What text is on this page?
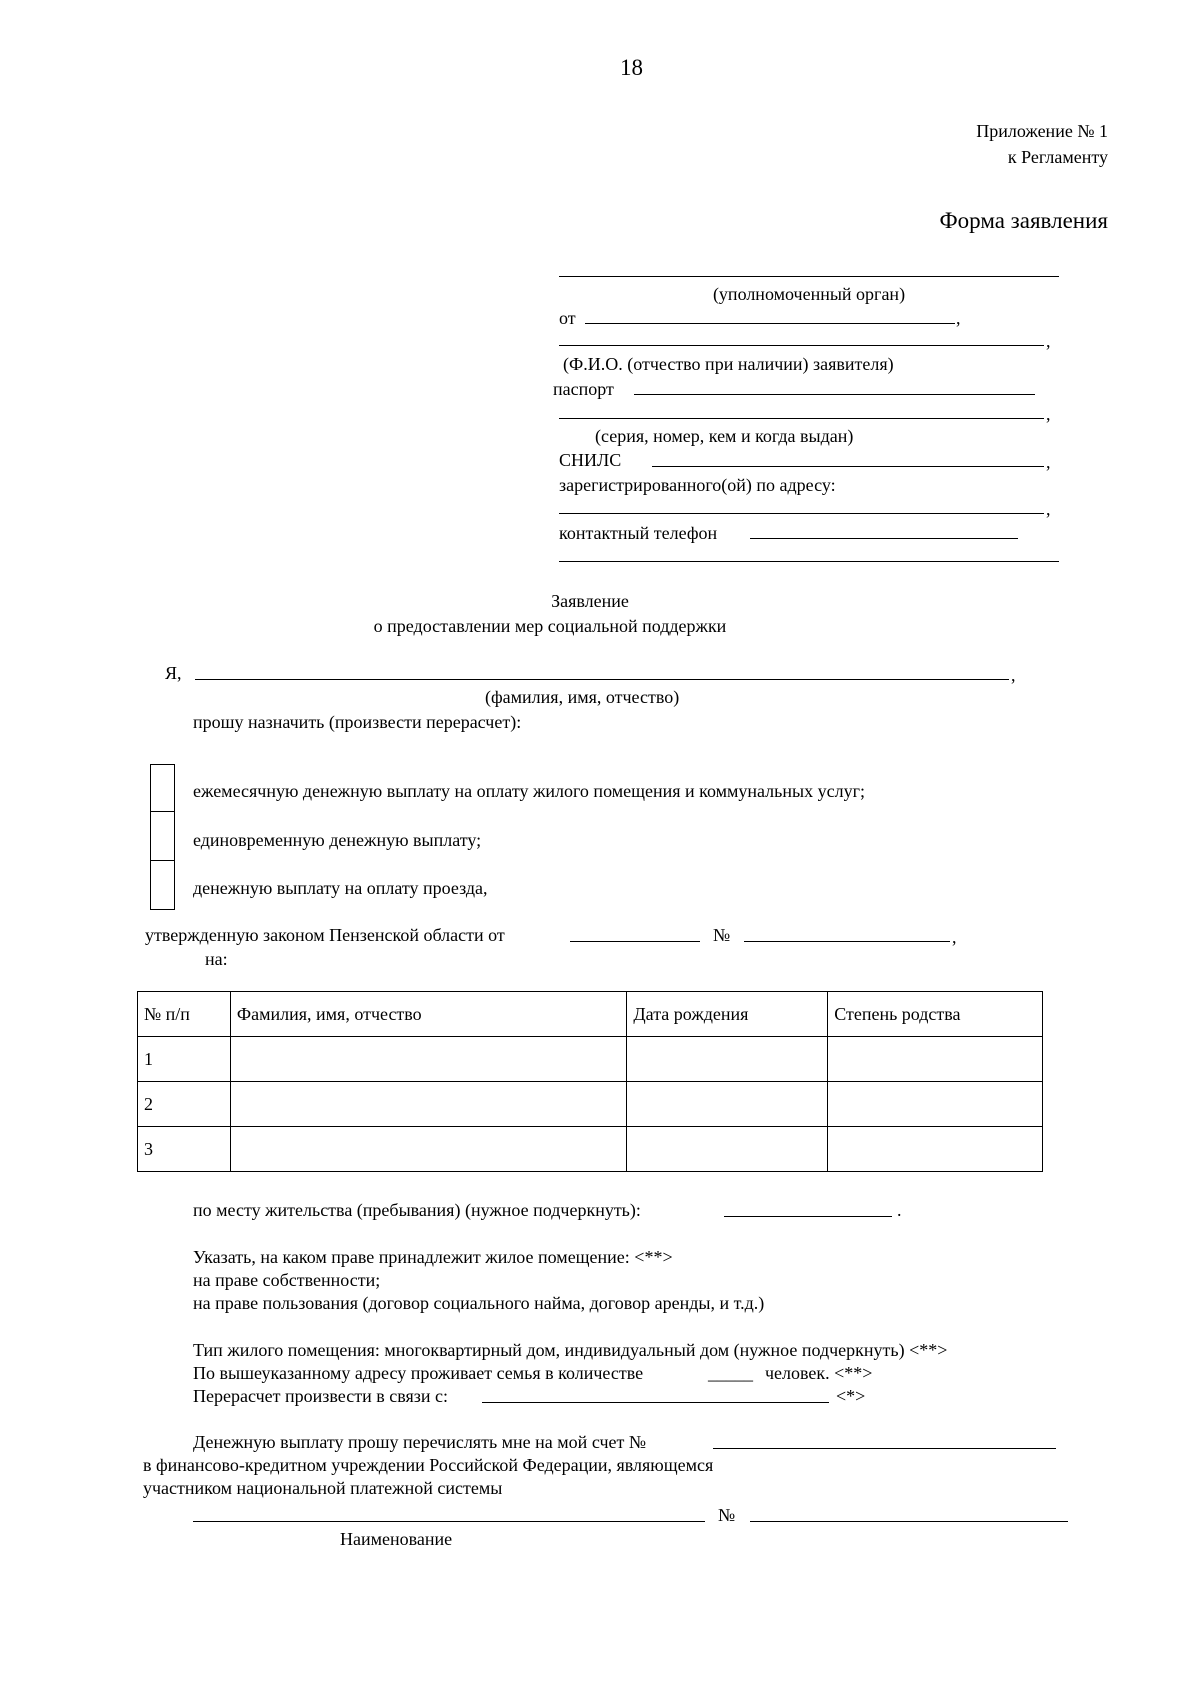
18
Приложение № 1
к Регламенту
Форма заявления
(уполномоченный орган)
от	,
,
(Ф.И.О. (отчество при наличии) заявителя)
паспорт
,
(серия, номер, кем и когда выдан)
СНИЛС	,
зарегистрированного(ой) по адресу:
,
контактный телефон
Заявление
о предоставлении мер социальной поддержки
Я,	,
(фамилия, имя, отчество)
прошу назначить (произвести перерасчет):
ежемесячную денежную выплату на оплату жилого помещения и коммунальных услуг;
единовременную денежную выплату;
денежную выплату на оплату проезда,
утвержденную законом Пензенской области от	№	,
на:
№ п/п	Фамилия, имя, отчество	Дата рождения	Степень родства
1			
2			
3			
по месту жительства (пребывания) (нужное подчеркнуть):	.
Указать, на каком праве принадлежит жилое помещение: <**>
на праве собственности;
на праве пользования (договор социального найма, договор аренды, и т.д.)
Тип жилого помещения: многоквартирный дом, индивидуальный дом (нужное подчеркнуть) <**>
По вышеуказанному адресу проживает семья в количестве	_____ человек. <**>
Перерасчет произвести в связи с:	<*>
Денежную выплату прошу перечислять мне на мой счет №
в финансово-кредитном учреждении Российской Федерации, являющемся
участником национальной платежной системы
№
Наименование
